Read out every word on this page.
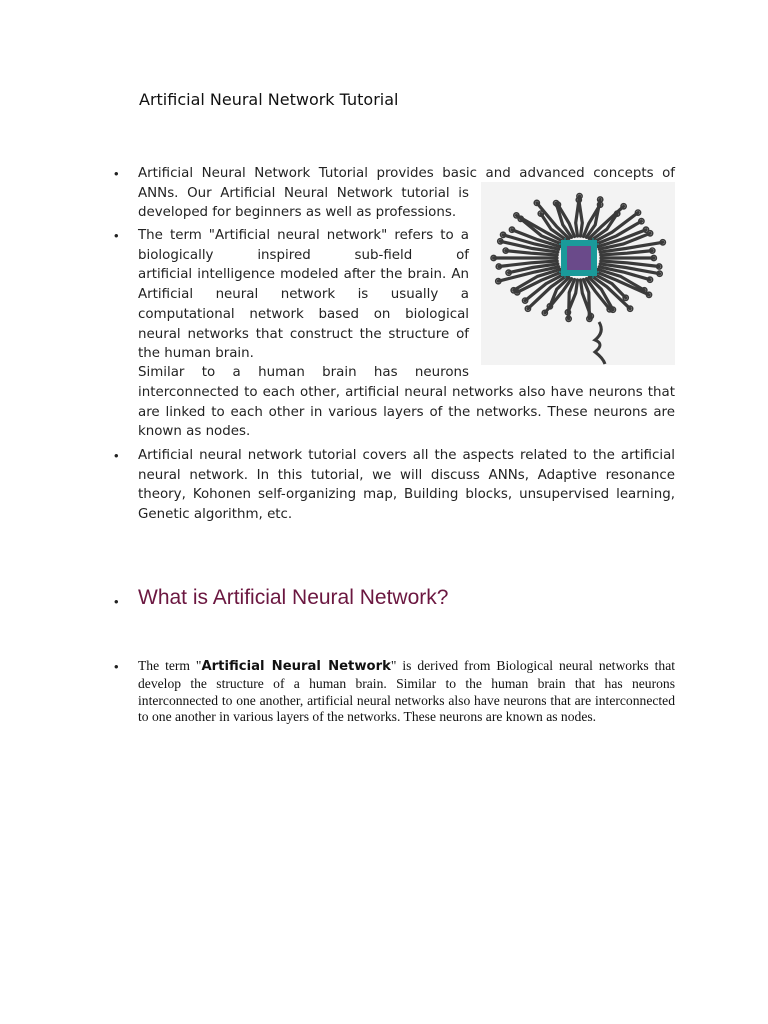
Artificial Neural Network Tutorial
• Artificial Neural Network Tutorial provides basic and advanced concepts of
ANNs. Our Artificial Neural Network tutorial is
developed for beginners as well as professions.

• The term "Artificial neural network" refers to a
biologically inspired sub-field of
artificial intelligence modeled after the brain. An
Artificial neural network is usually a
computational network based on biological
neural networks that construct the structure of
the human brain.

Similar to a human brain has neurons

interconnected to each other, artificial neural networks also have neurons that are linked to each other in various layers of the networks. These neurons are known as nodes.

• Artificial neural network tutorial covers all the aspects related to the artificial neural network. In this tutorial, we will discuss ANNs, Adaptive resonance theory, Kohonen self-organizing map, Building blocks, unsupervised learning, Genetic algorithm, etc.

• What is Artificial Neural Network?
• The term "Artificial Neural Network" is derived from Biological neural networks that develop the structure of a human brain. Similar to the human brain that has neurons interconnected to one another, artificial neural networks also have neurons that are interconnected to one another in various layers of the networks. These neurons are known as nodes.
